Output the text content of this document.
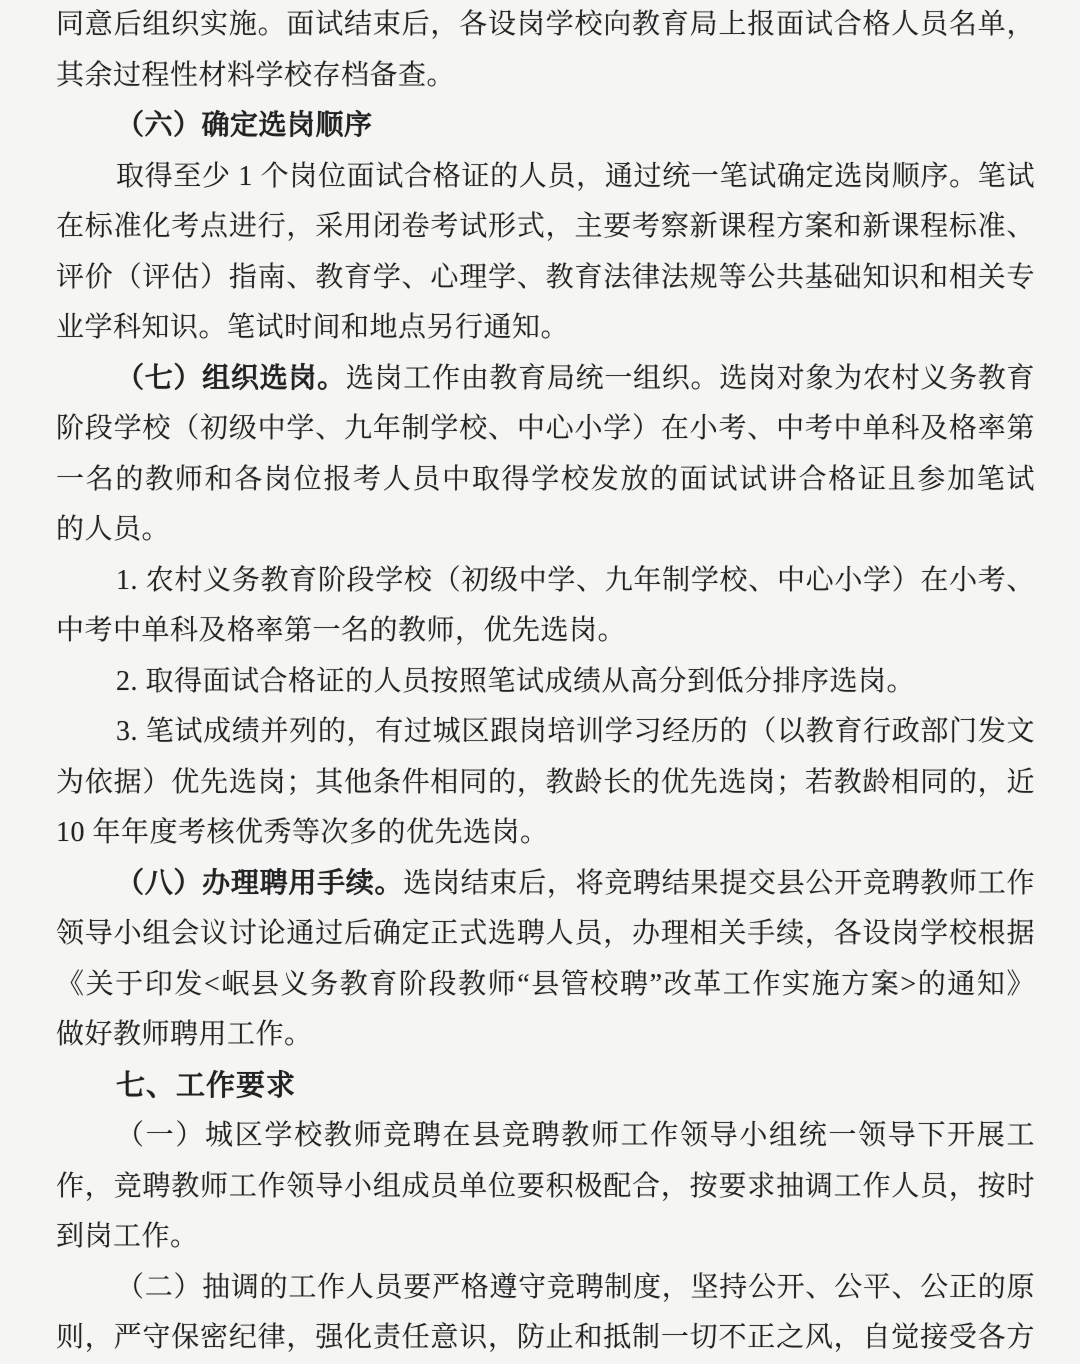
同意后组织实施。面试结束后，各设岗学校向教育局上报面试合格人员名单，
其余过程性材料学校存档备查。
（六）确定选岗顺序
取得至少 1 个岗位面试合格证的人员，通过统一笔试确定选岗顺序。笔试
在标准化考点进行，采用闭卷考试形式，主要考察新课程方案和新课程标准、
评价（评估）指南、教育学、心理学、教育法律法规等公共基础知识和相关专
业学科知识。笔试时间和地点另行通知。
（七）组织选岗。选岗工作由教育局统一组织。选岗对象为农村义务教育
阶段学校（初级中学、九年制学校、中心小学）在小考、中考中单科及格率第
一名的教师和各岗位报考人员中取得学校发放的面试试讲合格证且参加笔试
的人员。
1. 农村义务教育阶段学校（初级中学、九年制学校、中心小学）在小考、
中考中单科及格率第一名的教师，优先选岗。
2. 取得面试合格证的人员按照笔试成绩从高分到低分排序选岗。
3. 笔试成绩并列的，有过城区跟岗培训学习经历的（以教育行政部门发文
为依据）优先选岗；其他条件相同的，教龄长的优先选岗；若教龄相同的，近
10 年年度考核优秀等次多的优先选岗。
（八）办理聘用手续。选岗结束后，将竞聘结果提交县公开竞聘教师工作
领导小组会议讨论通过后确定正式选聘人员，办理相关手续，各设岗学校根据
《关于印发<岷县义务教育阶段教师“县管校聘”改革工作实施方案>的通知》
做好教师聘用工作。
七、工作要求
（一）城区学校教师竞聘在县竞聘教师工作领导小组统一领导下开展工
作，竞聘教师工作领导小组成员单位要积极配合，按要求抽调工作人员，按时
到岗工作。
（二）抽调的工作人员要严格遵守竞聘制度，坚持公开、公平、公正的原
则，严守保密纪律，强化责任意识，防止和抵制一切不正之风，自觉接受各方
